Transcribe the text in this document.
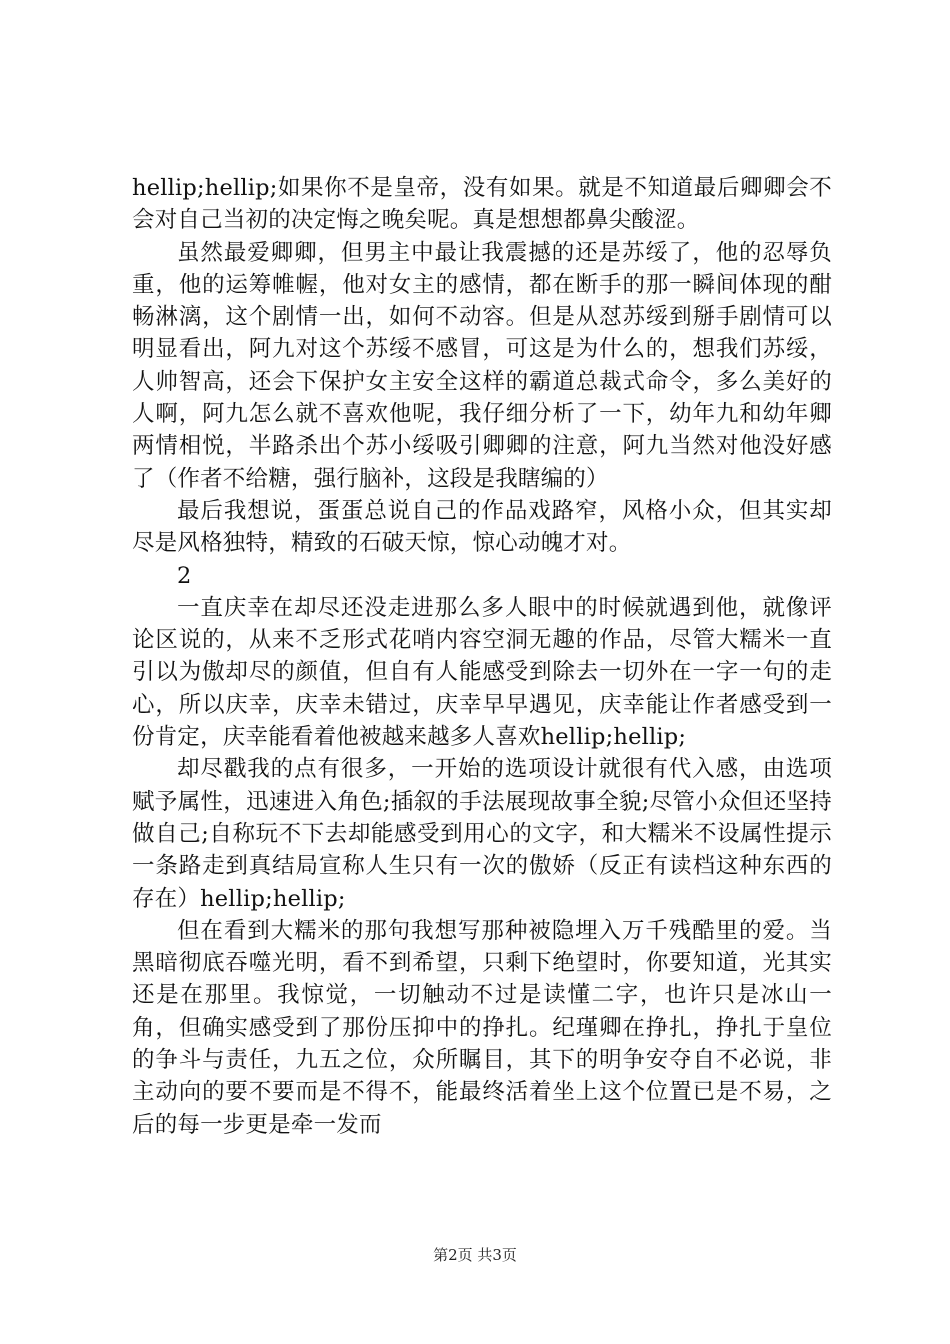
hellip;hellip;如果你不是皇帝，没有如果。就是不知道最后卿卿会不会对自己当初的决定悔之晚矣呢。真是想想都鼻尖酸涩。

虽然最爱卿卿，但男主中最让我震撼的还是苏绥了，他的忍辱负重，他的运筹帷幄，他对女主的感情，都在断手的那一瞬间体现的酣畅淋漓，这个剧情一出，如何不动容。但是从怼苏绥到掰手剧情可以明显看出，阿九对这个苏绥不感冒，可这是为什么的，想我们苏绥，人帅智高，还会下保护女主安全这样的霸道总裁式命令，多么美好的人啊，阿九怎么就不喜欢他呢，我仔细分析了一下，幼年九和幼年卿两情相悦，半路杀出个苏小绥吸引卿卿的注意，阿九当然对他没好感了（作者不给糖，强行脑补，这段是我瞎编的）

最后我想说，蛋蛋总说自己的作品戏路窄，风格小众，但其实却尽是风格独特，精致的石破天惊，惊心动魄才对。

2

一直庆幸在却尽还没走进那么多人眼中的时候就遇到他，就像评论区说的，从来不乏形式花哨内容空洞无趣的作品，尽管大糯米一直引以为傲却尽的颜值，但自有人能感受到除去一切外在一字一句的走心，所以庆幸，庆幸未错过，庆幸早早遇见，庆幸能让作者感受到一份肯定，庆幸能看着他被越来越多人喜欢hellip;hellip;

却尽戳我的点有很多，一开始的选项设计就很有代入感，由选项赋予属性，迅速进入角色;插叙的手法展现故事全貌;尽管小众但还坚持做自己;自称玩不下去却能感受到用心的文字，和大糯米不设属性提示一条路走到真结局宣称人生只有一次的傲娇（反正有读档这种东西的存在）hellip;hellip;

但在看到大糯米的那句我想写那种被隐埋入万千残酷里的爱。当黑暗彻底吞噬光明，看不到希望，只剩下绝望时，你要知道，光其实还是在那里。我惊觉，一切触动不过是读懂二字，也许只是冰山一角，但确实感受到了那份压抑中的挣扎。纪瑾卿在挣扎，挣扎于皇位的争斗与责任，九五之位，众所瞩目，其下的明争安夺自不必说，非主动向的要不要而是不得不，能最终活着坐上这个位置已是不易，之后的每一步更是牵一发而

第2页 共3页
